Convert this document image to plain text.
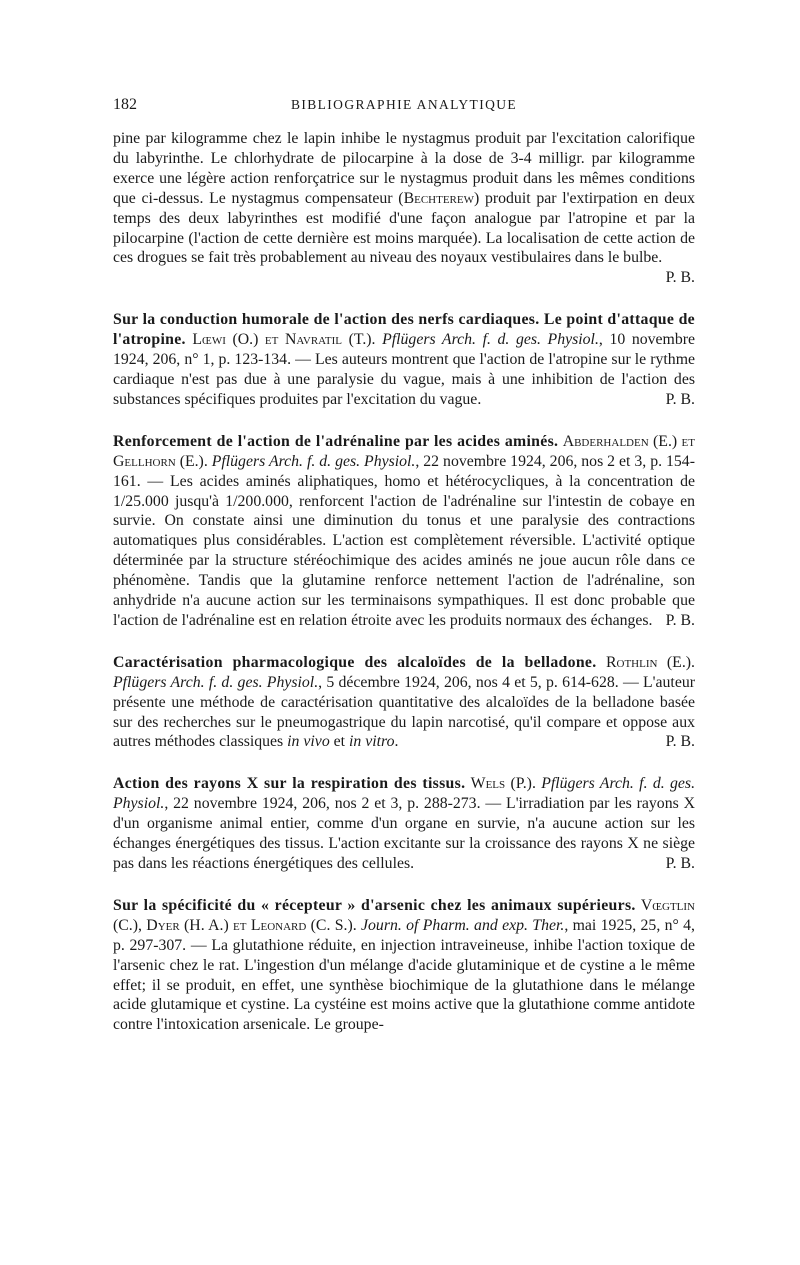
182	BIBLIOGRAPHIE ANALYTIQUE

pine par kilogramme chez le lapin inhibe le nystagmus produit par l'excitation calorifique du labyrinthe. Le chlorhydrate de pilocarpine à la dose de 3-4 milligr. par kilogramme exerce une légère action renforçatrice sur le nystagmus produit dans les mêmes conditions que ci-dessus. Le nystagmus compensateur (Bechterew) produit par l'extirpation en deux temps des deux labyrinthes est modifié d'une façon analogue par l'atropine et par la pilocarpine (l'action de cette dernière est moins marquée). La localisation de cette action de ces drogues se fait très probablement au niveau des noyaux vestibulaires dans le bulbe.
P. B.

Sur la conduction humorale de l'action des nerfs cardiaques. Le point d'attaque de l'atropine. Lœwi (O.) et Navratil (T.). Pflügers Arch. f. d. ges. Physiol., 10 novembre 1924, 206, n° 1, p. 123-134. — Les auteurs montrent que l'action de l'atropine sur le rythme cardiaque n'est pas due à une paralysie du vague, mais à une inhibition de l'action des substances spécifiques produites par l'excitation du vague.	P. B.

Renforcement de l'action de l'adrénaline par les acides aminés. Abderhalden (E.) et Gellhorn (E.). Pflügers Arch. f. d. ges. Physiol., 22 novembre 1924, 206, nos 2 et 3, p. 154-161. — Les acides aminés aliphatiques, homo et hétérocycliques, à la concentration de 1/25.000 jusqu'à 1/200.000, renforcent l'action de l'adrénaline sur l'intestin de cobaye en survie. On constate ainsi une diminution du tonus et une paralysie des contractions automatiques plus considérables. L'action est complètement réversible. L'activité optique déterminée par la structure stéréochimique des acides aminés ne joue aucun rôle dans ce phénomène. Tandis que la glutamine renforce nettement l'action de l'adrénaline, son anhydride n'a aucune action sur les terminaisons sympathiques. Il est donc probable que l'action de l'adrénaline est en relation étroite avec les produits normaux des échanges. P. B.

Caractérisation pharmacologique des alcaloïdes de la belladone. Rothlin (E.). Pflügers Arch. f. d. ges. Physiol., 5 décembre 1924, 206, nos 4 et 5, p. 614-628. — L'auteur présente une méthode de caractérisation quantitative des alcaloïdes de la belladone basée sur des recherches sur le pneumogastrique du lapin narcotisé, qu'il compare et oppose aux autres méthodes classiques in vivo et in vitro.	P. B.

Action des rayons X sur la respiration des tissus. Wels (P.). Pflügers Arch. f. d. ges. Physiol., 22 novembre 1924, 206, nos 2 et 3, p. 288-273. — L'irradiation par les rayons X d'un organisme animal entier, comme d'un organe en survie, n'a aucune action sur les échanges énergétiques des tissus. L'action excitante sur la croissance des rayons X ne siège pas dans les réactions énergétiques des cellules.	P. B.

Sur la spécificité du « récepteur » d'arsenic chez les animaux supérieurs. Vœgtlin (C.), Dyer (H. A.) et Leonard (C. S.). Journ. of Pharm. and exp. Ther., mai 1925, 25, n° 4, p. 297-307. — La glutathione réduite, en injection intraveineuse, inhibe l'action toxique de l'arsenic chez le rat. L'ingestion d'un mélange d'acide glutaminique et de cystine a le même effet; il se produit, en effet, une synthèse biochimique de la glutathione dans le mélange acide glutamique et cystine. La cystéine est moins active que la glutathione comme antidote contre l'intoxication arsenicale. Le groupe-
